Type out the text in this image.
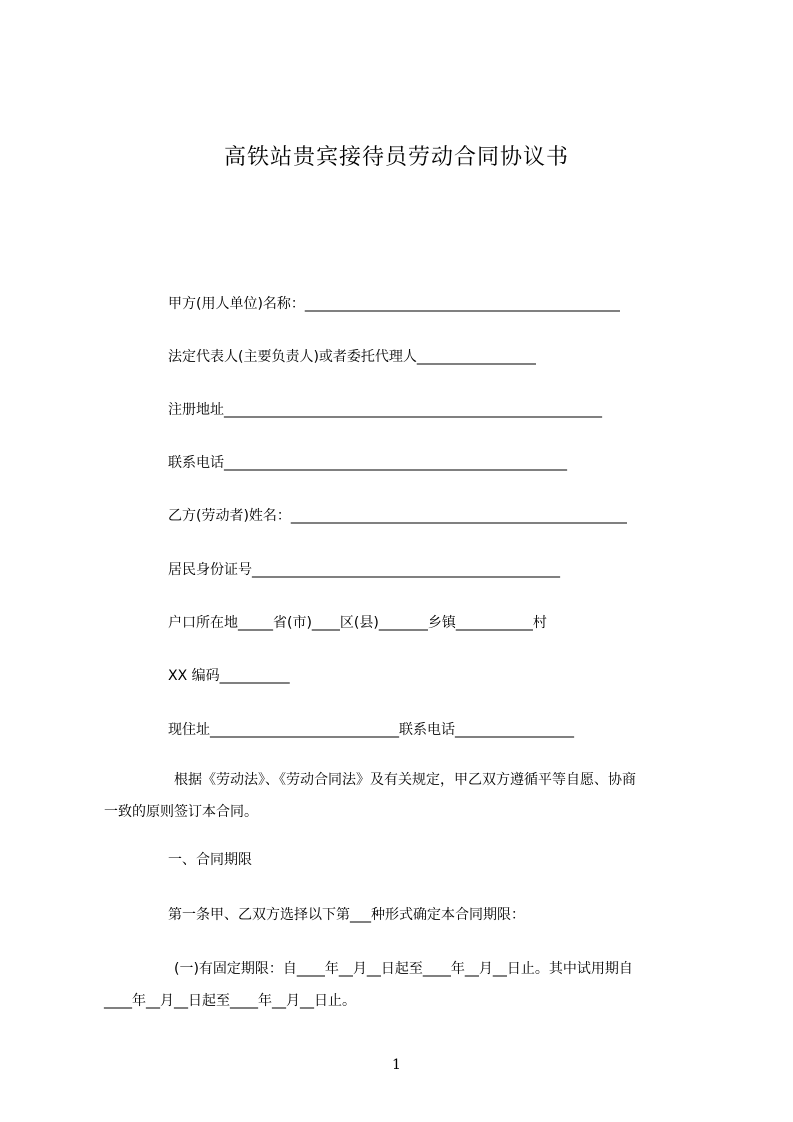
高铁站贵宾接待员劳动合同协议书
甲方(用人单位)名称：_____________________________________________
法定代表人(主要负责人)或者委托代理人_________________
注册地址______________________________________________________
联系电话_________________________________________________
乙方(劳动者)姓名：________________________________________________
居民身份证号____________________________________________
户口所在地_____省(市)____区(县)_______乡镇___________村
XX 编码__________
现住址___________________________联系电话_________________
根据《劳动法》、《劳动合同法》及有关规定，甲乙双方遵循平等自愿、协商
一致的原则签订本合同。
一、合同期限
第一条甲、乙双方选择以下第___种形式确定本合同期限：
(一)有固定期限：自____年__月__日起至____年__月__日止。其中试用期自
____年__月__日起至____年__月__日止。
1
